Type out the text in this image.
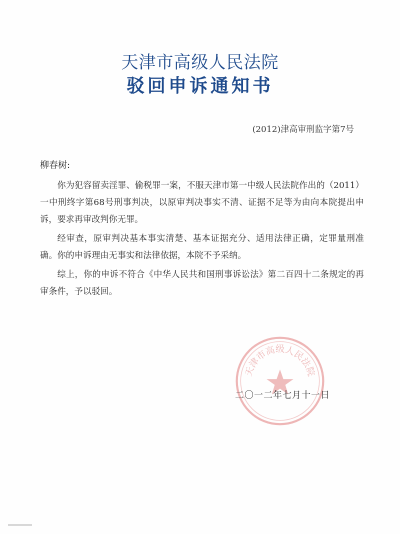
天津市高级人民法院
驳回申诉通知书
(2012)津高审刑监字第7号
柳春树:

你为犯容留卖淫罪、偷税罪一案，不服天津市第一中级人民法院作出的（2011）一中刑终字第68号刑事判决，以原审判决事实不清、证据不足等为由向本院提出申诉，要求再审改判你无罪。

经审查，原审判决基本事实清楚、基本证据充分、适用法律正确，定罪量刑准确。你的申诉理由无事实和法律依据，本院不予采纳。

综上，你的申诉不符合《中华人民共和国刑事诉讼法》第二百四十二条规定的再审条件，予以驳回。

天津市高级人民法院
二〇一二年七月十一日
